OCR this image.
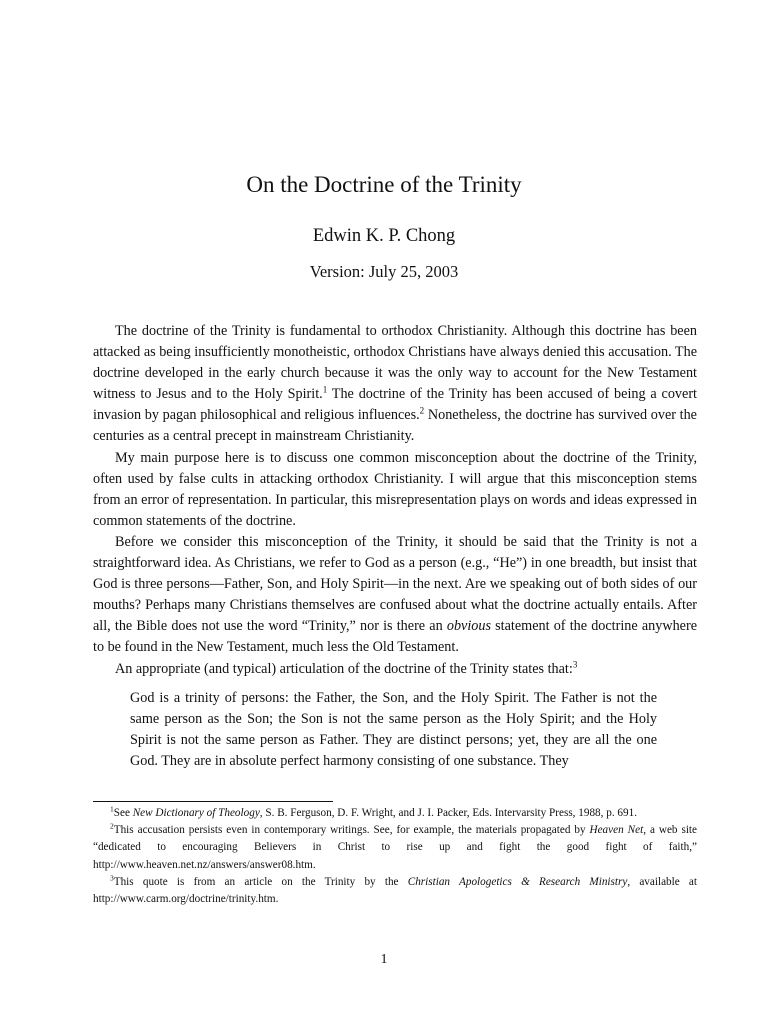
On the Doctrine of the Trinity
Edwin K. P. Chong
Version: July 25, 2003

The doctrine of the Trinity is fundamental to orthodox Christianity. Although this doctrine has been attacked as being insufficiently monotheistic, orthodox Christians have always denied this accusation. The doctrine developed in the early church because it was the only way to account for the New Testament witness to Jesus and to the Holy Spirit.$^1$ The doctrine of the Trinity has been accused of being a covert invasion by pagan philosophical and religious influences.$^2$ Nonetheless, the doctrine has survived over the centuries as a central precept in mainstream Christianity.

My main purpose here is to discuss one common misconception about the doctrine of the Trinity, often used by false cults in attacking orthodox Christianity. I will argue that this misconception stems from an error of representation. In particular, this misrepresentation plays on words and ideas expressed in common statements of the doctrine.

Before we consider this misconception of the Trinity, it should be said that the Trinity is not a straightforward idea. As Christians, we refer to God as a person (e.g., “He”) in one breadth, but insist that God is three persons—Father, Son, and Holy Spirit—in the next. Are we speaking out of both sides of our mouths? Perhaps many Christians themselves are confused about what the doctrine actually entails. After all, the Bible does not use the word “Trinity,” nor is there an obvious statement of the doctrine anywhere to be found in the New Testament, much less the Old Testament.

An appropriate (and typical) articulation of the doctrine of the Trinity states that:$^3$

God is a trinity of persons: the Father, the Son, and the Holy Spirit. The Father is not the same person as the Son; the Son is not the same person as the Holy Spirit; and the Holy Spirit is not the same person as Father. They are distinct persons; yet, they are all the one God. They are in absolute perfect harmony consisting of one substance. They

$^1$See New Dictionary of Theology, S. B. Ferguson, D. F. Wright, and J. I. Packer, Eds. Intervarsity Press, 1988, p. 691.

$^2$This accusation persists even in contemporary writings. See, for example, the materials propagated by Heaven Net, a web site “dedicated to encouraging Believers in Christ to rise up and fight the good fight of faith,” http://www.heaven.net.nz/answers/answer08.htm.

$^3$This quote is from an article on the Trinity by the Christian Apologetics & Research Ministry, available at http://www.carm.org/doctrine/trinity.htm.

1
